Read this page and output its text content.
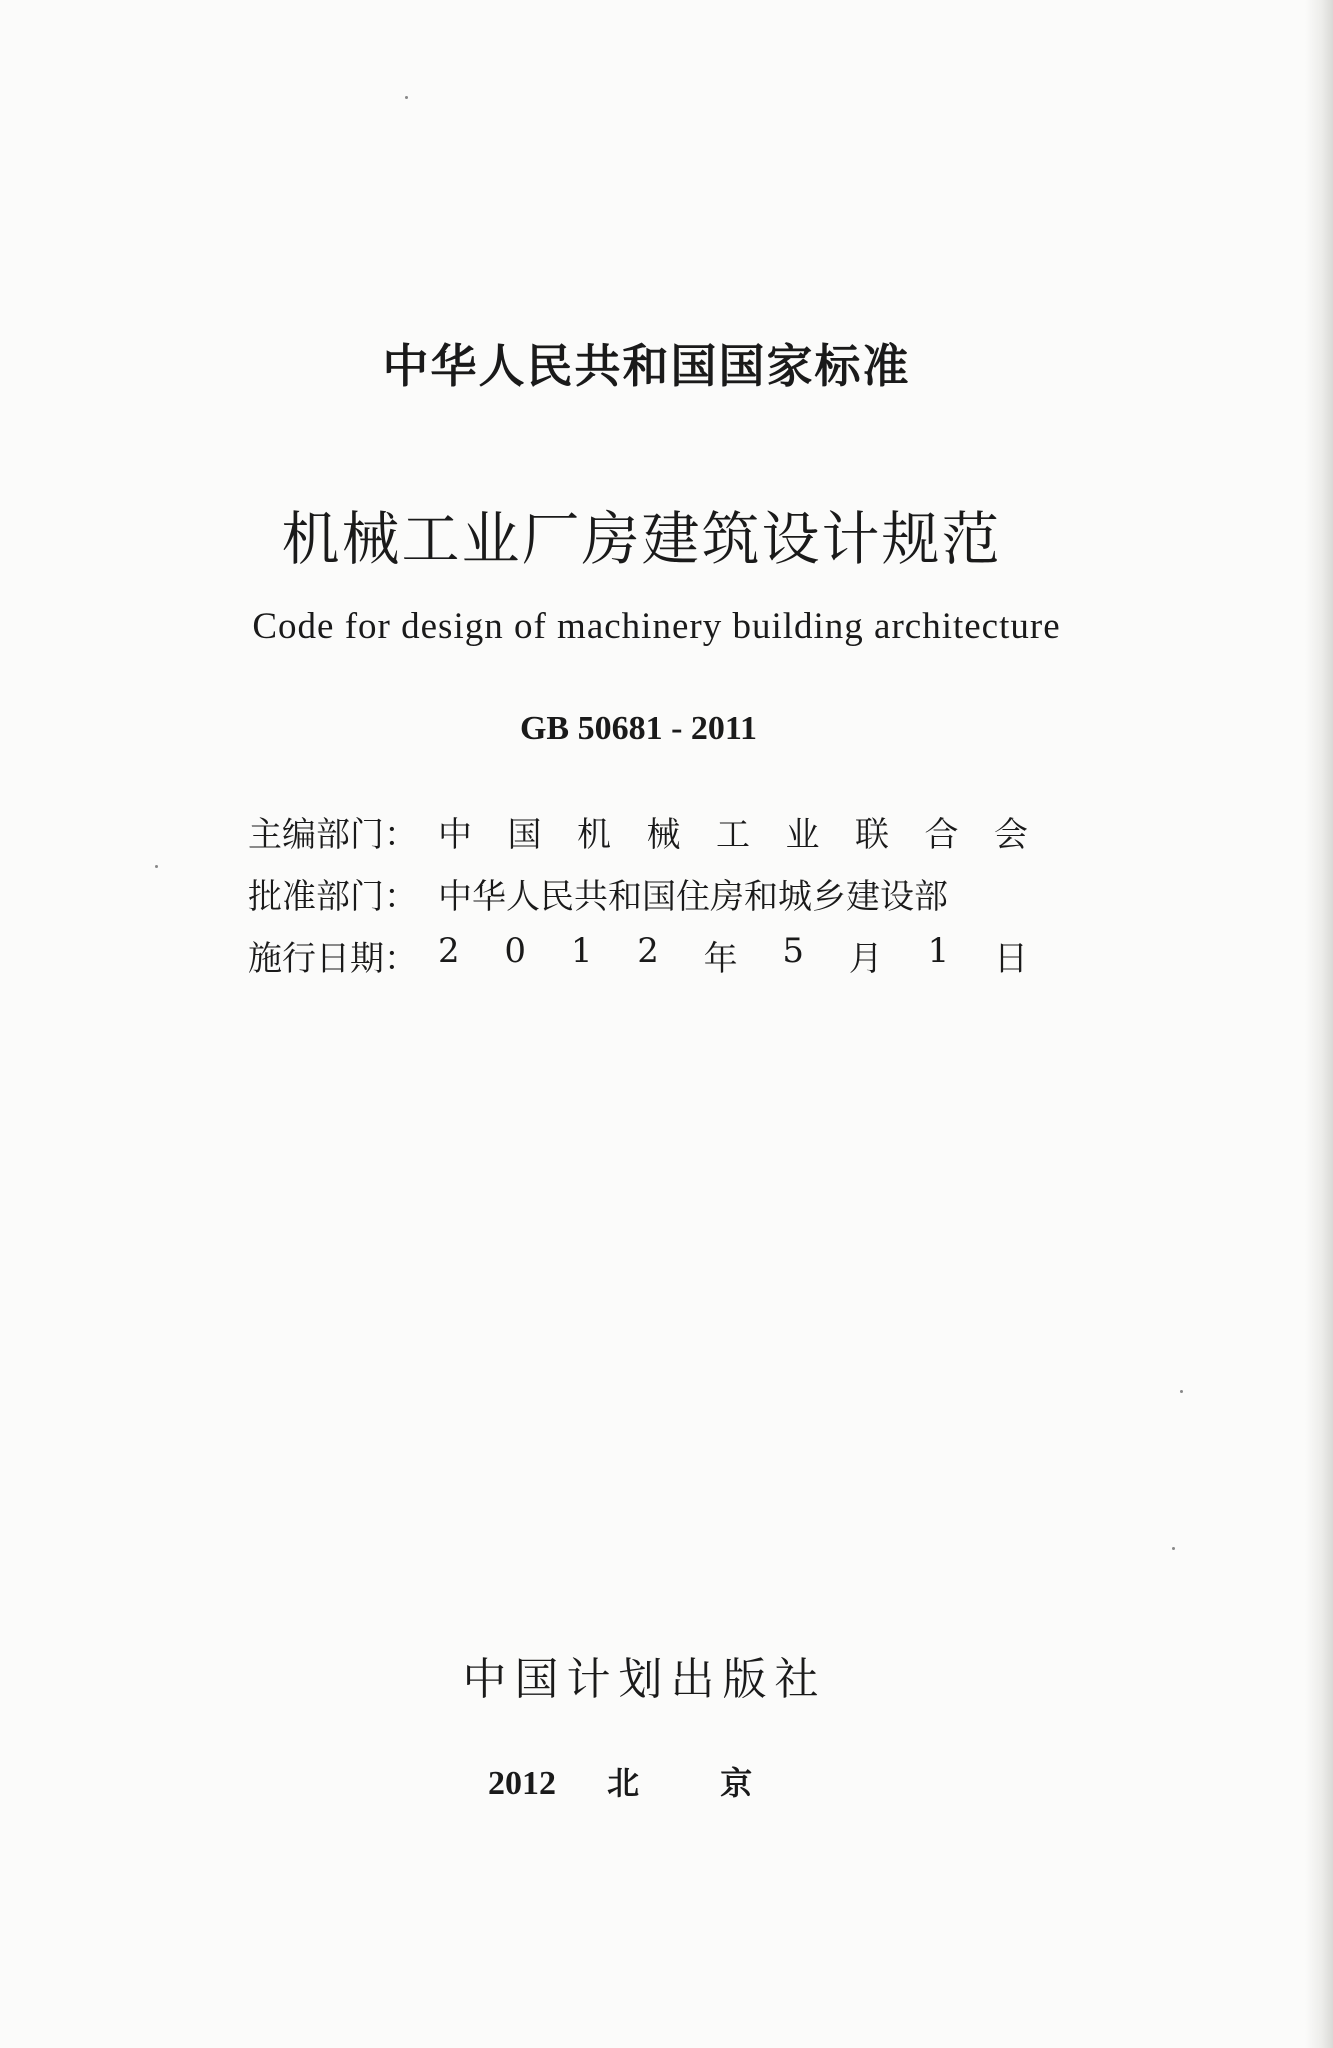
中华人民共和国国家标准
机械工业厂房建筑设计规范
Code for design of machinery building architecture
GB 50681 - 2011
主编部门： 中 国 机 械 工 业 联 合 会
批准部门： 中华人民共和国住房和城乡建设部
施行日期： 2 0 1 2 年 5 月 1 日
中国计划出版社
2012 北	京
